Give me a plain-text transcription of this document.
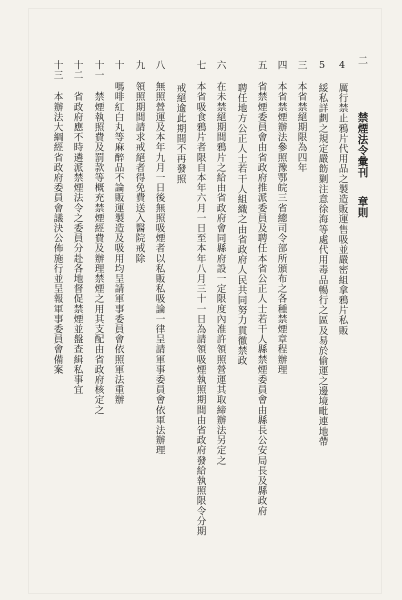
禁煙法令彙刊
章則
二
4 厲行禁止鴉片代用品之製造販運售吸並嚴密組拿鴉片私販
5 綏私詳劃之規定嚴飭剿注意徐海等處代用毒品暢行之區及易於偷運之邊境毗連地帶
三 本省禁絕期限為四年
四 本省禁煙辦法參照豫鄂皖三省總司令部所頒布之各種禁煙章程辦理
五 省禁煙委員會由省政府推派委員及聘任本省公正人士若干人縣禁煙委員會由縣長公安局長及縣政府
聘任地方公正人士若干人組織之由省政府人民共同努力貫徹禁政
六 在未禁絕期間鴉片之給由省政府會同縣府設一定限度內准許領照營運其取締辦法另定之
七 本省吸食鴉片者限自本年六月一日至本年八月三十一日為請領吸煙執照期間由省政府發給執照限令分期
戒絕逾此期間不再發照
八 無照營運及本年九月一日後無照吸煙者以私販私吸論一律呈請軍事委員會依軍法辦理
九 領照期間請求戒絕者得免費送入醫院戒除
十 嗎啡紅白丸等麻醉品不論販運製造及吸用均呈請軍事委員會依照軍法重辦
十一 禁煙執照費及罰款等概充禁煙經費及辦理禁煙之用其支配由省政府核定之
十二 省政府應不時遴派禁煙法令之委員分赴各地督促禁煙並盤查緝私事宜
十三 本辦法大綱經省政府委員會議決公佈施行並呈報軍事委員會備案
